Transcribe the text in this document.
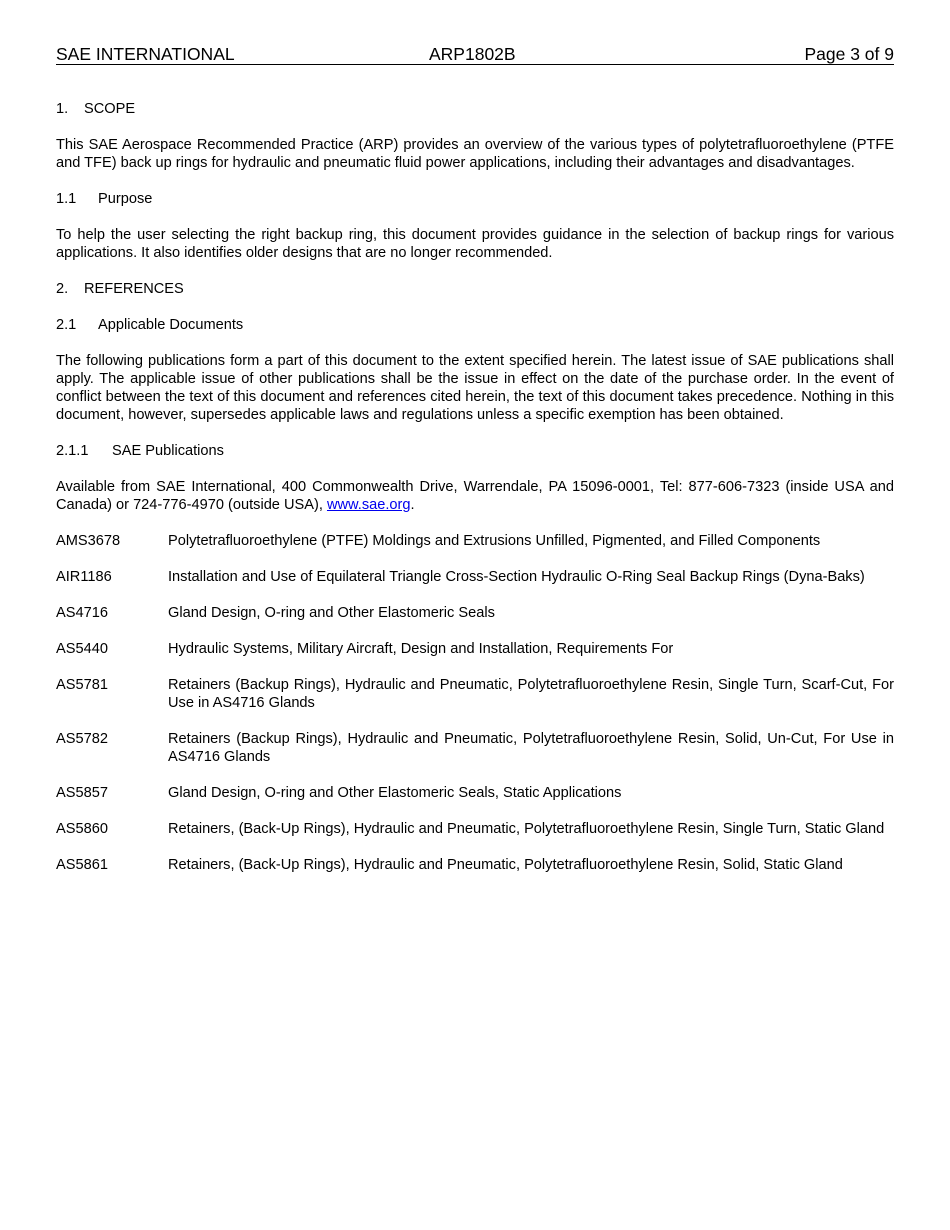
SAE INTERNATIONAL	ARP1802B	Page 3 of 9
1. SCOPE

This SAE Aerospace Recommended Practice (ARP) provides an overview of the various types of polytetrafluoroethylene (PTFE and TFE) back up rings for hydraulic and pneumatic fluid power applications, including their advantages and disadvantages.

1.1 Purpose

To help the user selecting the right backup ring, this document provides guidance in the selection of backup rings for various applications. It also identifies older designs that are no longer recommended.

2. REFERENCES
2.1 Applicable Documents

The following publications form a part of this document to the extent specified herein. The latest issue of SAE publications shall apply. The applicable issue of other publications shall be the issue in effect on the date of the purchase order. In the event of conflict between the text of this document and references cited herein, the text of this document takes precedence. Nothing in this document, however, supersedes applicable laws and regulations unless a specific exemption has been obtained.

2.1.1 SAE Publications

Available from SAE International, 400 Commonwealth Drive, Warrendale, PA 15096-0001, Tel: 877-606-7323 (inside USA and Canada) or 724-776-4970 (outside USA), www.sae.org.

AMS3678	Polytetrafluoroethylene (PTFE) Moldings and Extrusions Unfilled, Pigmented, and Filled Components
AIR1186	Installation and Use of Equilateral Triangle Cross-Section Hydraulic O-Ring Seal Backup Rings (Dyna-Baks)
AS4716	Gland Design, O-ring and Other Elastomeric Seals
AS5440	Hydraulic Systems, Military Aircraft, Design and Installation, Requirements For
AS5781	Retainers (Backup Rings), Hydraulic and Pneumatic, Polytetrafluoroethylene Resin, Single Turn, Scarf-Cut, For Use in AS4716 Glands
AS5782	Retainers (Backup Rings), Hydraulic and Pneumatic, Polytetrafluoroethylene Resin, Solid, Un-Cut, For Use in AS4716 Glands
AS5857	Gland Design, O-ring and Other Elastomeric Seals, Static Applications
AS5860	Retainers, (Back-Up Rings), Hydraulic and Pneumatic, Polytetrafluoroethylene Resin, Single Turn, Static Gland
AS5861	Retainers, (Back-Up Rings), Hydraulic and Pneumatic, Polytetrafluoroethylene Resin, Solid, Static Gland
